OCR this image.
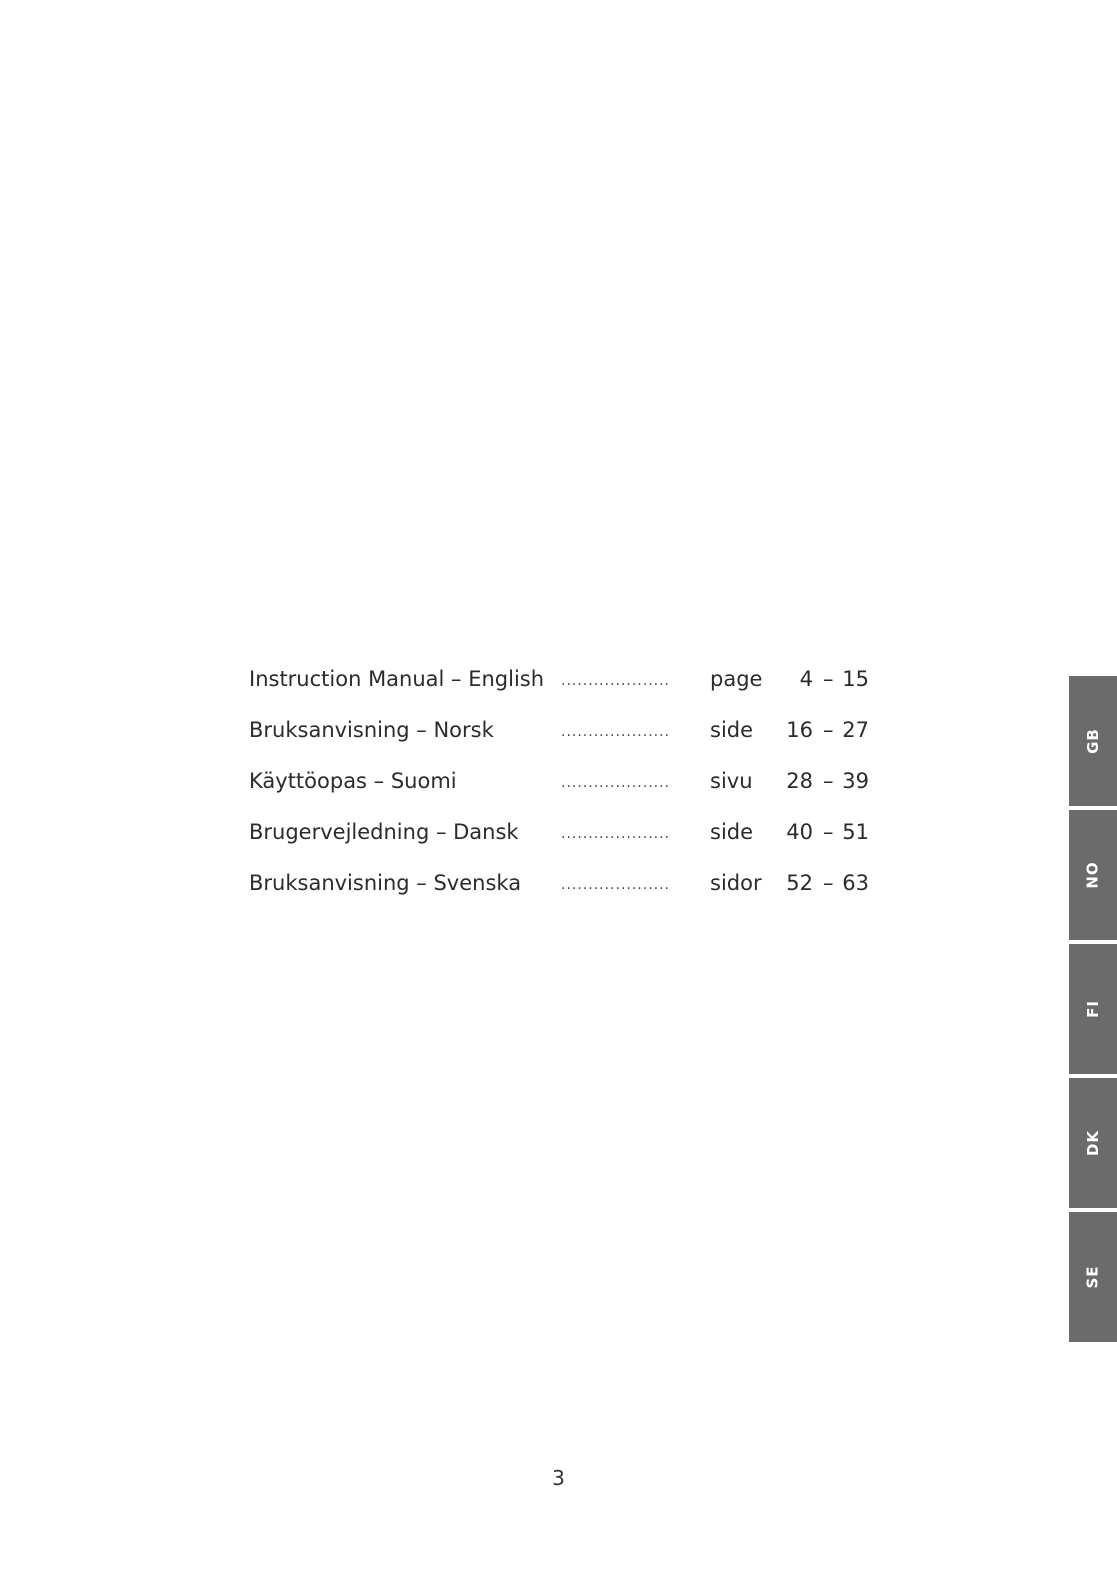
Instruction Manual – English .................... page	4 – 15
Bruksanvisning – Norsk	.................... side	16 – 27
Käyttöopas – Suomi	.................... sivu	28 – 39
Brugervejledning – Dansk	.................... side	40 – 51
Bruksanvisning – Svenska	.................... sidor	52 – 63
GB
NO
FI
DK
SE
3
